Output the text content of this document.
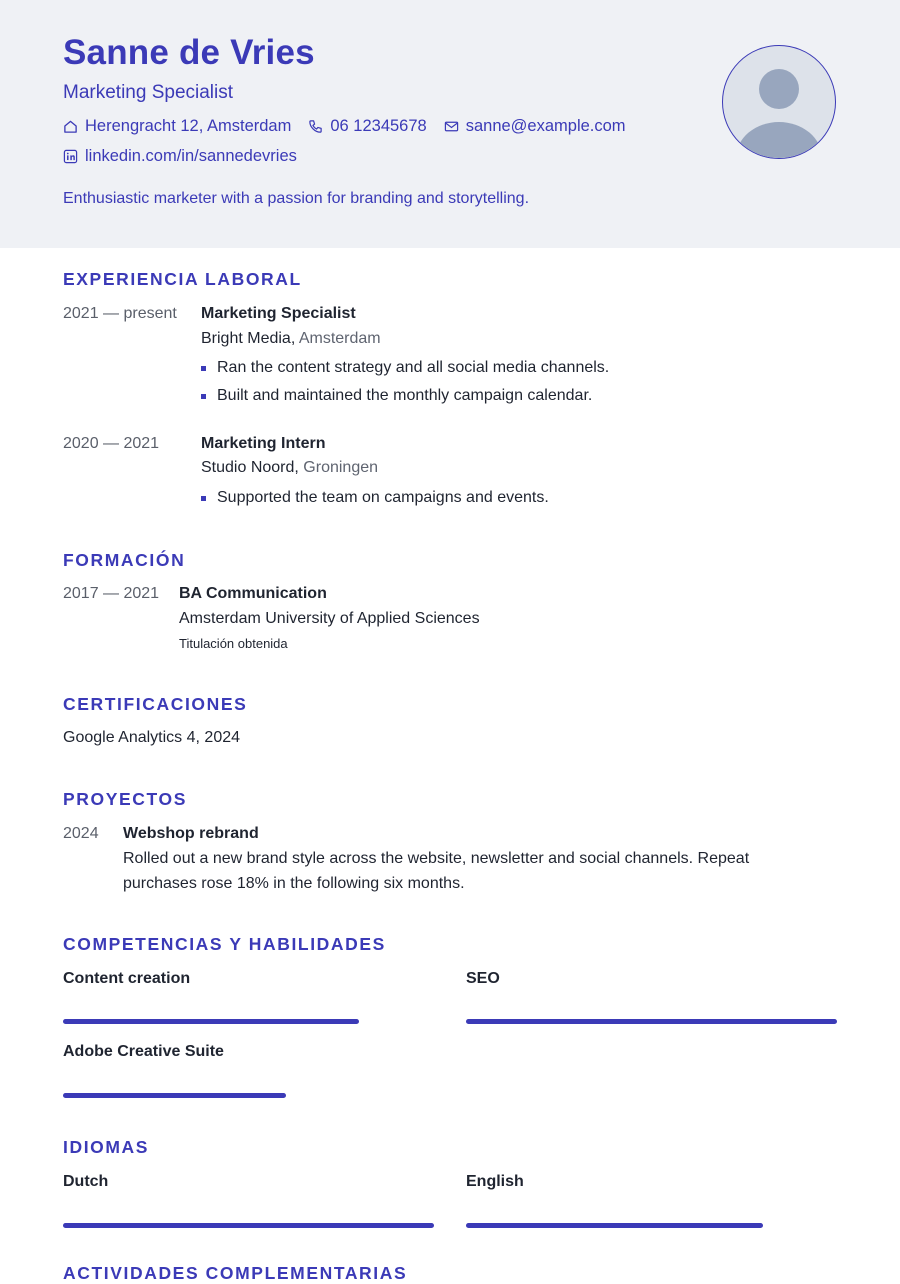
Sanne de Vries
Marketing Specialist
Herengracht 12, Amsterdam 06 12345678 sanne@example.com
linkedin.com/in/sannedevries
Enthusiastic marketer with a passion for branding and storytelling.
EXPERIENCIA LABORAL
2021 — present Marketing Specialist
Bright Media, Amsterdam
Ran the content strategy and all social media channels.
Built and maintained the monthly campaign calendar.
2020 — 2021	Marketing Intern
Studio Noord, Groningen
Supported the team on campaigns and events.
FORMACIÓN
2017 — 2021 BA Communication
Amsterdam University of Applied Sciences
Titulación obtenida
CERTIFICACIONES
Google Analytics 4, 2024
PROYECTOS
2024 Webshop rebrand
Rolled out a new brand style across the website, newsletter and social channels. Repeat purchases rose 18% in the following six months.
COMPETENCIAS Y HABILIDADES
Content creation	SEO
Adobe Creative Suite
IDIOMAS
Dutch	English
ACTIVIDADES COMPLEMENTARIAS
